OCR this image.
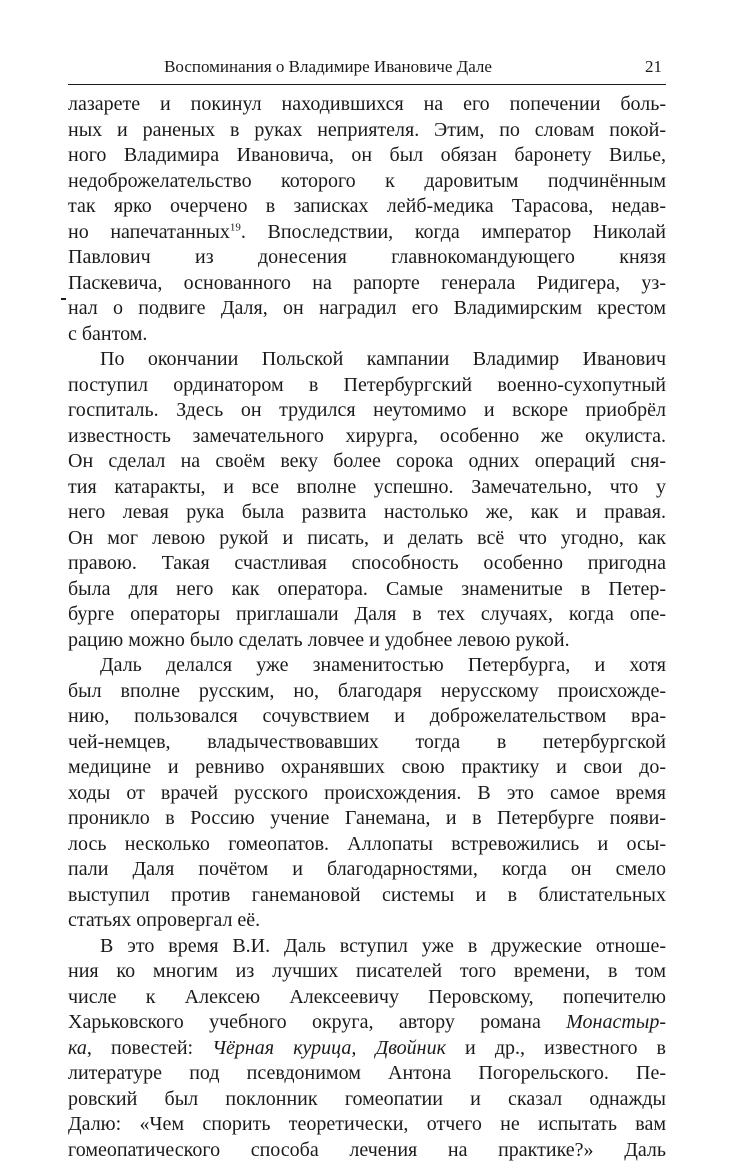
Воспоминания о Владимире Ивановиче Дале	21
лазарете и покинул находившихся на его попечении боль-
ных и раненых в руках неприятеля. Этим, по словам покой-
ного Владимира Ивановича, он был обязан баронету Вилье,
недоброжелательство которого к даровитым подчинённым
так ярко очерчено в записках лейб-медика Тарасова, недав-
но напечатанных$^{19}$. Впоследствии, когда император Николай
Павлович из донесения главнокомандующего князя
Паскевича, основанного на рапорте генерала Ридигера, уз-
нал о подвиге Даля, он наградил его Владимирским крестом
с бантом.
По окончании Польской кампании Владимир Иванович
поступил ординатором в Петербургский военно-сухопутный
госпиталь. Здесь он трудился неутомимо и вскоре приобрёл
известность замечательного хирурга, особенно же окулиста.
Он сделал на своём веку более сорока одних операций сня-
тия катаракты, и все вполне успешно. Замечательно, что у
него левая рука была развита настолько же, как и правая.
Он мог левою рукой и писать, и делать всё что угодно, как
правою. Такая счастливая способность особенно пригодна
была для него как оператора. Самые знаменитые в Петер-
бурге операторы приглашали Даля в тех случаях, когда опе-
рацию можно было сделать ловчее и удобнее левою рукой.
Даль делался уже знаменитостью Петербурга, и хотя
был вполне русским, но, благодаря нерусскому происхожде-
нию, пользовался сочувствием и доброжелательством вра-
чей-немцев, владычествовавших тогда в петербургской
медицине и ревниво охранявших свою практику и свои до-
ходы от врачей русского происхождения. В это самое время
проникло в Россию учение Ганемана, и в Петербурге появи-
лось несколько гомеопатов. Аллопаты встревожились и осы-
пали Даля почётом и благодарностями, когда он смело
выступил против ганемановой системы и в блистательных
статьях опровергал её.
В это время В.И. Даль вступил уже в дружеские отноше-
ния ко многим из лучших писателей того времени, в том
числе к Алексею Алексеевичу Перовскому, попечителю
Харьковского учебного округа, автору романа Монастыр-
ка, повестей: Чёрная курица, Двойник и др., известного в
литературе под псевдонимом Антона Погорельского. Пе-
ровский был поклонник гомеопатии и сказал однажды
Далю: «Чем спорить теоретически, отчего не испытать вам
гомеопатического способа лечения на практике?» Даль
